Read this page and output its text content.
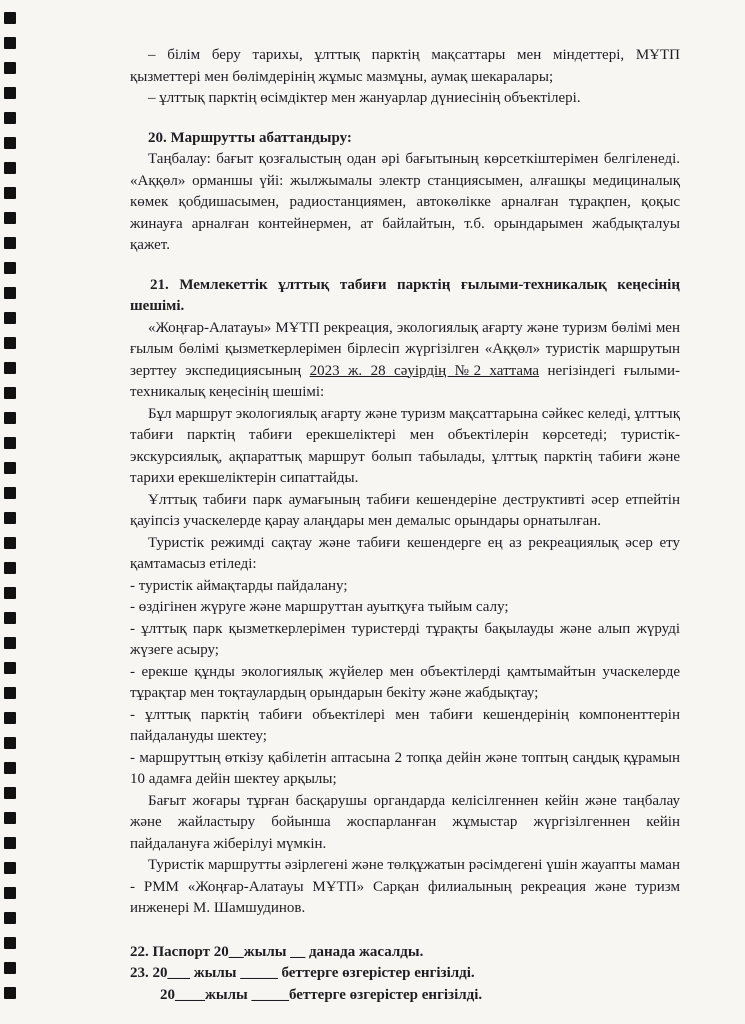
– білім беру тарихы, ұлттық парктің мақсаттары мен міндеттері, МҰТП қызметтері мен бөлімдерінің жұмыс мазмұны, аумақ шекаралары;

– ұлттық парктің өсімдіктер мен жануарлар дүниесінің объектілері.

20. Маршрутты абаттандыру:

Таңбалау: бағыт қозғалыстың одан әрі бағытының көрсеткіштерімен белгіленеді. «Аққөл» орманшы үйі: жылжымалы электр станциясымен, алғашқы медициналық көмек қобдишасымен, радиостанциямен, автокөлікке арналған тұрақпен, қоқыс жинауға арналған контейнермен, ат байлайтын, т.б. орындарымен жабдықталуы қажет.

21. Мемлекеттік ұлттық табиғи парктің ғылыми-техникалық кеңесінің шешімі.

«Жоңғар-Алатауы» МҰТП рекреация, экологиялық ағарту және туризм бөлімі мен ғылым бөлімі қызметкерлерімен бірлесіп жүргізілген «Аққөл» туристік маршрутын зерттеу экспедициясының 2023 ж. 28 сәуірдің №2 хаттама негізіндегі ғылыми-техникалық кеңесінің шешімі:

Бұл маршрут экологиялық ағарту және туризм мақсаттарына сәйкес келеді, ұлттық табиғи парктің табиғи ерекшеліктері мен объектілерін көрсетеді; туристік-экскурсиялық, ақпараттық маршрут болып табылады, ұлттық парктің табиғи және тарихи ерекшеліктерін сипаттайды.

Ұлттық табиғи парк аумағының табиғи кешендеріне деструктивті әсер етпейтін қауіпсіз учаскелерде қарау алаңдары мен демалыс орындары орнатылған.

Туристік режимді сақтау және табиғи кешендерге ең аз рекреациялық әсер ету қамтамасыз етіледі:

- туристік аймақтарды пайдалану;

- өздігінен жүруге және маршруттан ауытқуға тыйым салу;

- ұлттық парк қызметкерлерімен туристерді тұрақты бақылауды және алып жүруді жүзеге асыру;

- ерекше құнды экологиялық жүйелер мен объектілерді қамтымайтын учаскелерде тұрақтар мен тоқтаулардың орындарын бекіту және жабдықтау;

- ұлттық парктің табиғи объектілері мен табиғи кешендерінің компоненттерін пайдалануды шектеу;

- маршруттың өткізу қабілетін аптасына 2 топқа дейін және топтың саңдық құрамын 10 адамға дейін шектеу арқылы;

Бағыт жоғары тұрған басқарушы органдарда келісілгеннен кейін және таңбалау және жайластыру бойынша жоспарланған жұмыстар жүргізілгеннен кейін пайдалануға жіберілуі мүмкін.

Туристік маршрутты әзірлегені және төлқұжатын рәсімдегені үшін жауапты маман - РММ «Жоңғар-Алатауы МҰТП» Сарқан филиалының рекреация және туризм инженері М. Шамшудинов.

22. Паспорт 20__жылы __ данада жасалды.

23. 20___ жылы _____ беттерге өзгерістер енгізілді.

20____жылы _____беттерге өзгерістер енгізілді.
